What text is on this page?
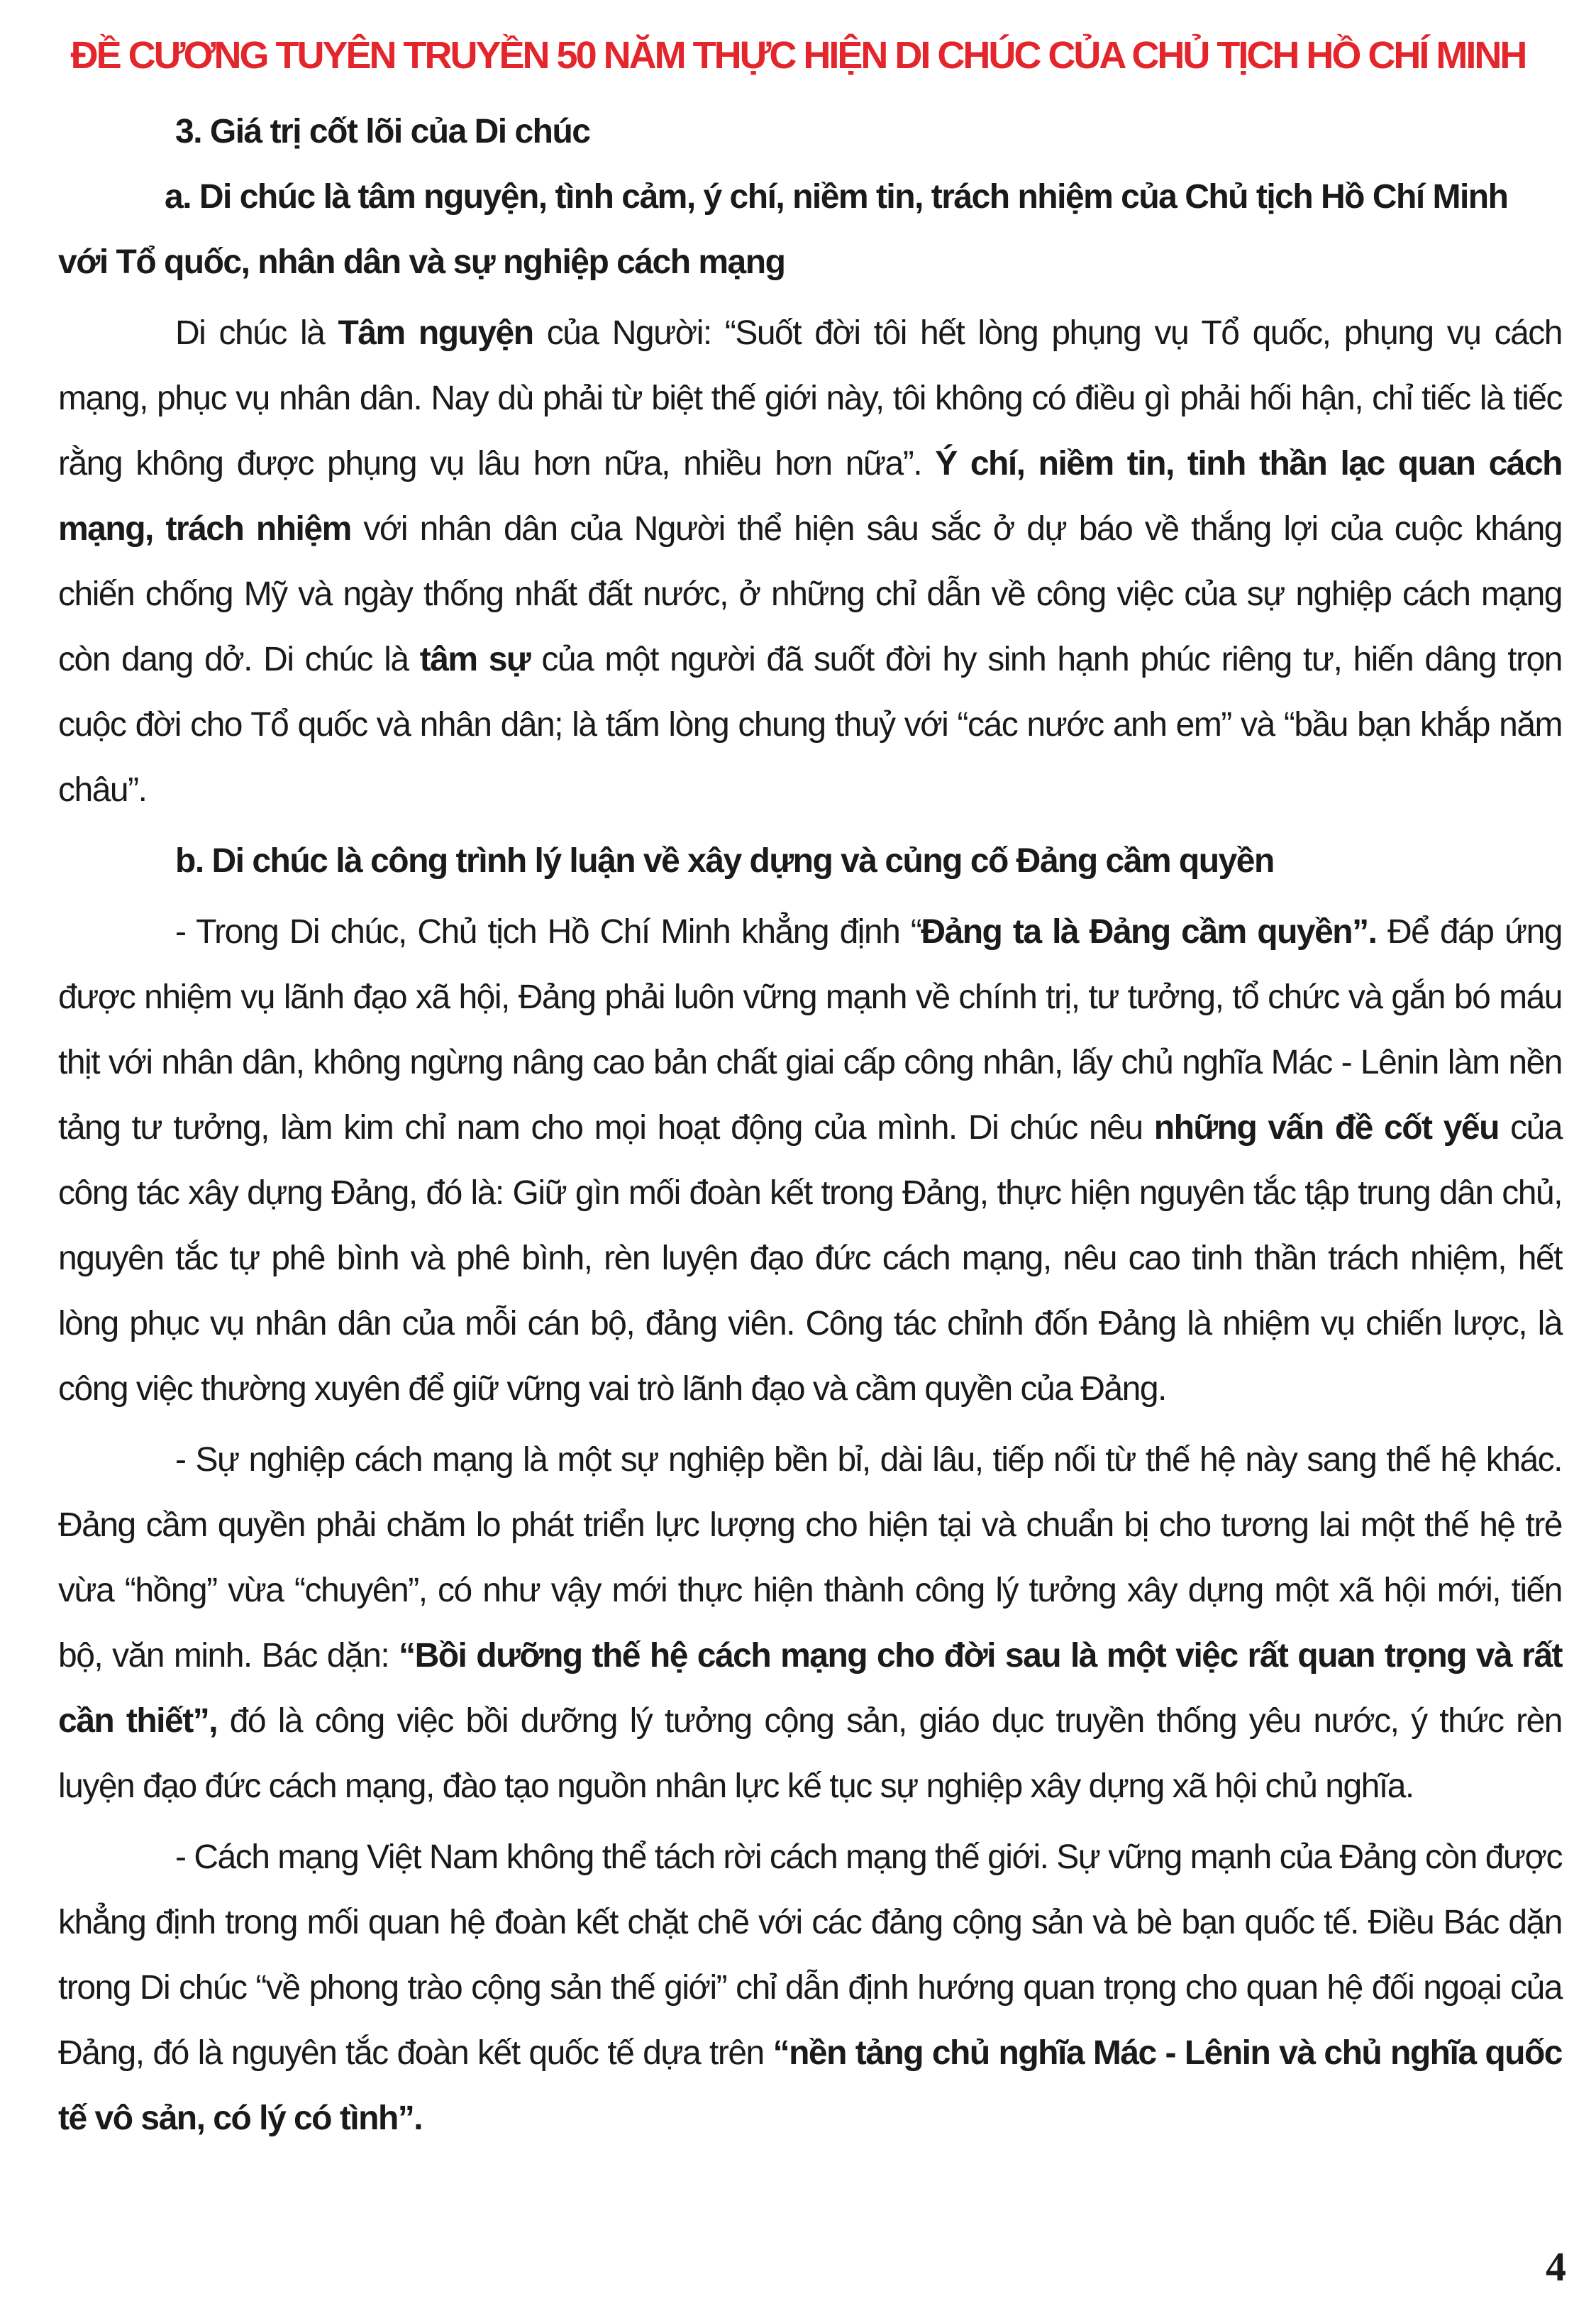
ĐỀ CƯƠNG TUYÊN TRUYỀN 50 NĂM THỰC HIỆN DI CHÚC CỦA CHỦ TỊCH HỒ CHÍ MINH

3. Giá trị cốt lõi của Di chúc

a. Di chúc là tâm nguyện, tình cảm, ý chí, niềm tin, trách nhiệm của Chủ tịch Hồ Chí Minh với Tổ quốc, nhân dân và sự nghiệp cách mạng

Di chúc là Tâm nguyện của Người: “Suốt đời tôi hết lòng phụng vụ Tổ quốc, phụng vụ cách mạng, phục vụ nhân dân. Nay dù phải từ biệt thế giới này, tôi không có điều gì phải hối hận, chỉ tiếc là tiếc rằng không được phụng vụ lâu hơn nữa, nhiều hơn nữa”. Ý chí, niềm tin, tinh thần lạc quan cách mạng, trách nhiệm với nhân dân của Người thể hiện sâu sắc ở dự báo về thắng lợi của cuộc kháng chiến chống Mỹ và ngày thống nhất đất nước, ở những chỉ dẫn về công việc của sự nghiệp cách mạng còn dang dở. Di chúc là tâm sự của một người đã suốt đời hy sinh hạnh phúc riêng tư, hiến dâng trọn cuộc đời cho Tổ quốc và nhân dân; là tấm lòng chung thuỷ với “các nước anh em” và “bầu bạn khắp năm châu”.

b. Di chúc là công trình lý luận về xây dựng và củng cố Đảng cầm quyền

- Trong Di chúc, Chủ tịch Hồ Chí Minh khẳng định “Đảng ta là Đảng cầm quyền”. Để đáp ứng được nhiệm vụ lãnh đạo xã hội, Đảng phải luôn vững mạnh về chính trị, tư tưởng, tổ chức và gắn bó máu thịt với nhân dân, không ngừng nâng cao bản chất giai cấp công nhân, lấy chủ nghĩa Mác - Lênin làm nền tảng tư tưởng, làm kim chỉ nam cho mọi hoạt động của mình. Di chúc nêu những vấn đề cốt yếu của công tác xây dựng Đảng, đó là: Giữ gìn mối đoàn kết trong Đảng, thực hiện nguyên tắc tập trung dân chủ, nguyên tắc tự phê bình và phê bình, rèn luyện đạo đức cách mạng, nêu cao tinh thần trách nhiệm, hết lòng phục vụ nhân dân của mỗi cán bộ, đảng viên. Công tác chỉnh đốn Đảng là nhiệm vụ chiến lược, là công việc thường xuyên để giữ vững vai trò lãnh đạo và cầm quyền của Đảng.

- Sự nghiệp cách mạng là một sự nghiệp bền bỉ, dài lâu, tiếp nối từ thế hệ này sang thế hệ khác. Đảng cầm quyền phải chăm lo phát triển lực lượng cho hiện tại và chuẩn bị cho tương lai một thế hệ trẻ vừa “hồng” vừa “chuyên”, có như vậy mới thực hiện thành công lý tưởng xây dựng một xã hội mới, tiến bộ, văn minh. Bác dặn: “Bồi dưỡng thế hệ cách mạng cho đời sau là một việc rất quan trọng và rất cần thiết”, đó là công việc bồi dưỡng lý tưởng cộng sản, giáo dục truyền thống yêu nước, ý thức rèn luyện đạo đức cách mạng, đào tạo nguồn nhân lực kế tục sự nghiệp xây dựng xã hội chủ nghĩa.

- Cách mạng Việt Nam không thể tách rời cách mạng thế giới. Sự vững mạnh của Đảng còn được khẳng định trong mối quan hệ đoàn kết chặt chẽ với các đảng cộng sản và bè bạn quốc tế. Điều Bác dặn trong Di chúc “về phong trào cộng sản thế giới” chỉ dẫn định hướng quan trọng cho quan hệ đối ngoại của Đảng, đó là nguyên tắc đoàn kết quốc tế dựa trên “nền tảng chủ nghĩa Mác - Lênin và chủ nghĩa quốc tế vô sản, có lý có tình”.

4
